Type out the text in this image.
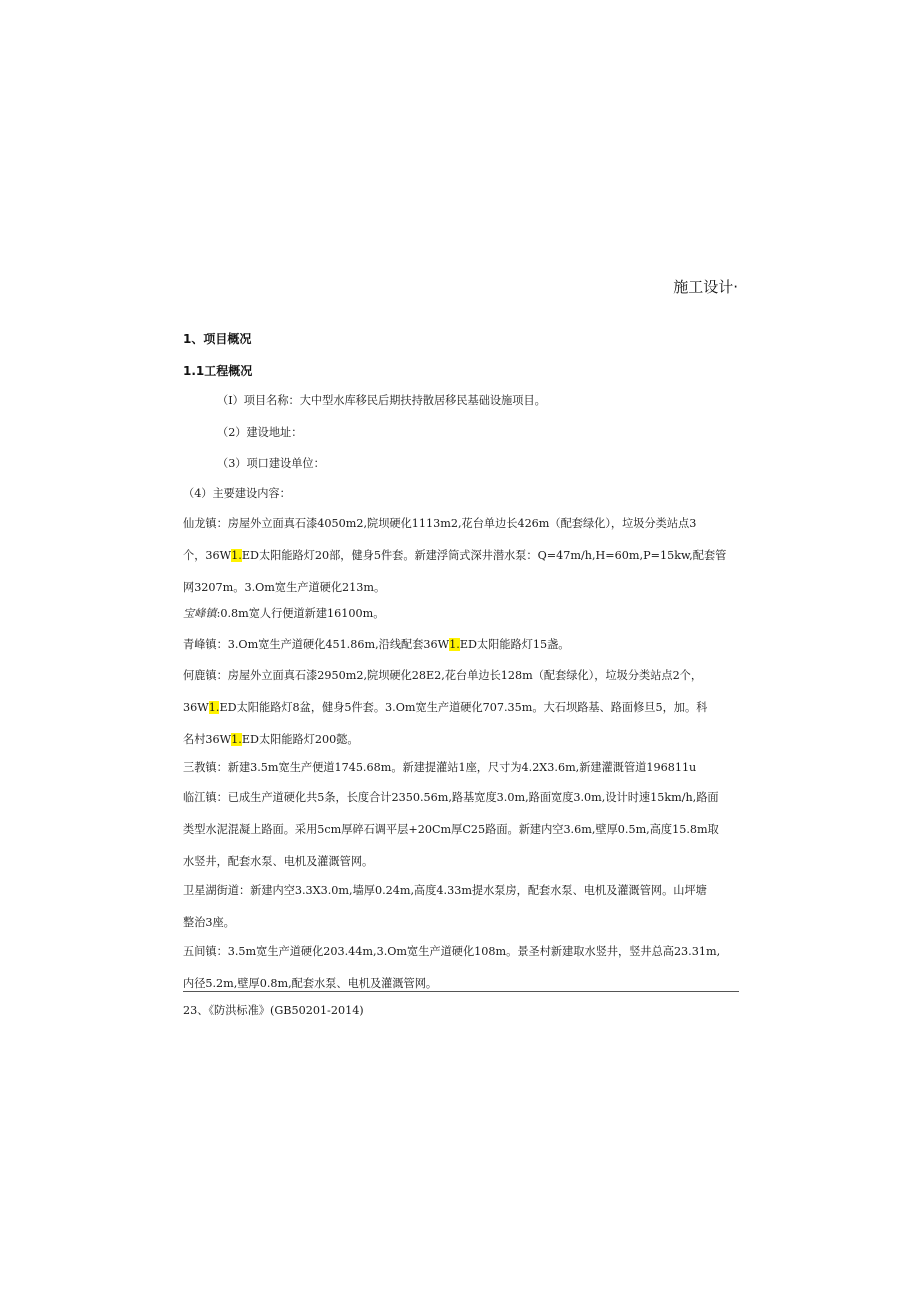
施工设计·
1、项目概况
1.1工程概况
（I）项目名称：大中型水库移民后期扶持散居移民基础设施项目。
（2）建设地址：
（3）项口建设单位：
（4）主要建设内容：
仙龙镇：房屋外立面真石漆4050m2,院坝硬化1113m2,花台单边长426m（配套绿化），垃圾分类站点3
个，36W1.ED太阳能路灯20部，健身5件套。新建浮筒式深井潜水泵：Q=47m∕h,H=60m,P=15kw,配套管
网3207m。3.Om宽生产道硬化213m。
宝峰镇:0.8m宽人行便道新建16100m。
青峰镇：3.Om宽生产道硬化451.86m,沿线配套36W1.ED太阳能路灯15盏。
何鹿镇：房屋外立面真石漆2950m2,院坝硬化28E2,花台单边长128m（配套绿化），垃圾分类站点2个，
36W1.ED太阳能路灯8盆，健身5件套。3.Om宽生产道硬化707.35m。大石坝路基、路面修旦5，加。科
名村36W1.ED太阳能路灯200懿。
三教镇：新建3.5m宽生产便道1745.68m。新建提灌站1座，尺寸为4.2X3.6m,新建灌溉管道196811u
临江镇：已成生产道硬化共5条，长度合计2350.56m,路基宽度3.0m,路面宽度3.0m,设计时速15km∕h,路面
类型水泥混凝上路面。采用5cm厚碎石调平层+20Cm厚C25路面。新建内空3.6m,壁厚0.5m,高度15.8m取
水竖井，配套水泵、电机及灌溉管网。
卫星湖街道：新建内空3.3X3.0m,墙厚0.24m,高度4.33m提水泵房，配套水泵、电机及灌溉管网。山坪塘
整治3座。
五间镇：3.5m宽生产道硬化203.44m,3.Om宽生产道硬化108m。景圣村新建取水竖井，竖井总高23.31m,
内径5.2m,壁厚0.8m,配套水泵、电机及灌溉管网。
23、《防洪标准》(GB50201-2014)
